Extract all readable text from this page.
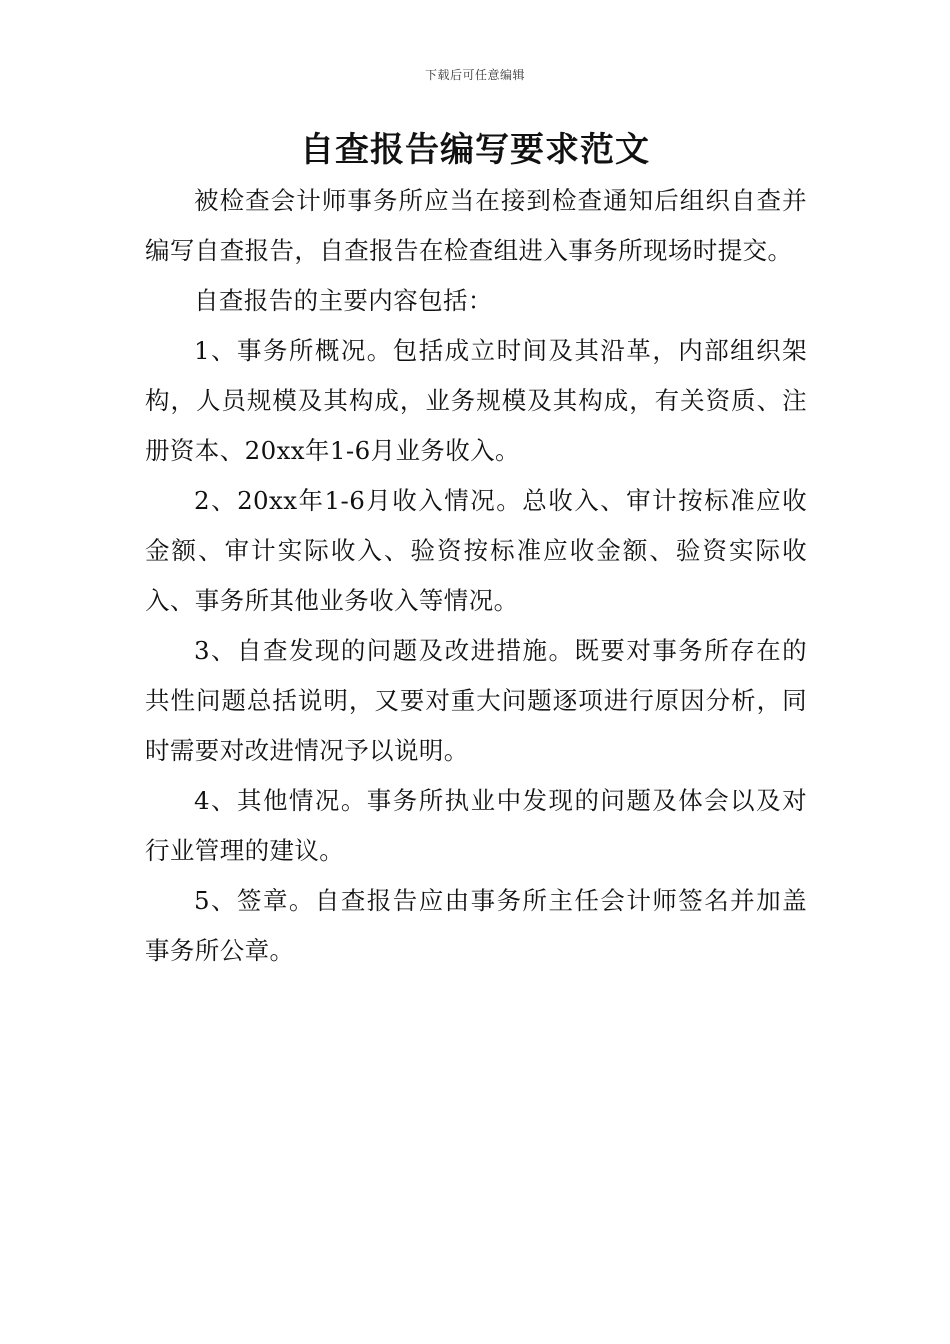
下载后可任意编辑
自查报告编写要求范文

被检查会计师事务所应当在接到检查通知后组织自查并编写自查报告，自查报告在检查组进入事务所现场时提交。

自查报告的主要内容包括：

1、事务所概况。包括成立时间及其沿革，内部组织架构，人员规模及其构成，业务规模及其构成，有关资质、注册资本、20xx年1-6月业务收入。

2、20xx年1-6月收入情况。总收入、审计按标准应收金额、审计实际收入、验资按标准应收金额、验资实际收入、事务所其他业务收入等情况。

3、自查发现的问题及改进措施。既要对事务所存在的共性问题总括说明，又要对重大问题逐项进行原因分析，同时需要对改进情况予以说明。

4、其他情况。事务所执业中发现的问题及体会以及对行业管理的建议。

5、签章。自查报告应由事务所主任会计师签名并加盖事务所公章。
